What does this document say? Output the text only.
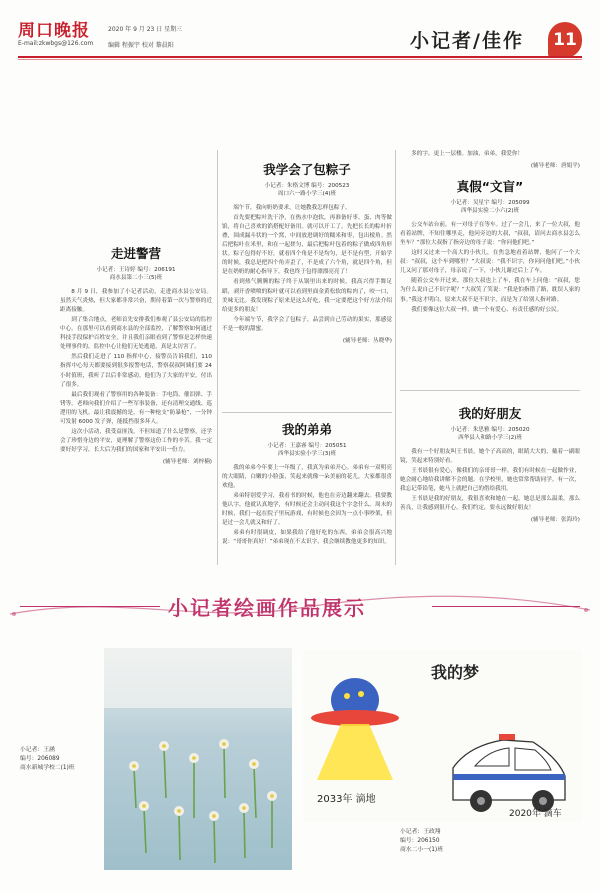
周口晚报
E-mail:zkwbgs@126.com
2020 年 9 月 23 日 星期三
编辑 程振宇 校对 黎晨阳	小记者/佳作	11
走进警营
小记者：王诗婷 编号：206191
商水县第二小三(5)班

8 月 9 日，我参加了小记者活动，走进商水县公安局。虽然天气炎热，但大家都非常兴奋，期待着第一次与警察的近距离接触。

到了集合地点，老师首先安排我们参观了县公安局的监控中心。在那里可以看到商水县的全部监控，了解警察如何通过科技手段保护百姓安全，并且我们亲眼看到了警察是怎样快速处理事件的，监控中心让他们无处逃遁，真是太厉害了。

然后我们走进了 110 指挥中心，接警员告诉我们，110 指挥中心每天都要接到很多报警电话，警察叔叔阿姨们要 24 小时值班，我听了以后非常感动。他们为了大家的平安，付出了很多。

最后我们观看了警察用的各种装备：手电筒、催泪弹、手铐等。老师向我们介绍了一些军事装备，还有清理交通线、巡逻用的飞机。最让我震撼的是，有一种枪支“防暴枪”，一分钟可发射 6000 发子弹，能抵挡很多坏人。

这次小活动，我受益匪浅，不但知道了什么是警察，还学会了珍惜身边的平安，更理解了警察这份工作的辛苦。我一定要好好学习，长大后为我们的国家和平安出一份力。

(辅导老师：刘梓楠)
我学会了包粽子
小记者：朱格文博 编号：200523
周口六一路小学三(4)班

端午节，我向奶奶要求，让她教我怎样包粽子。

首先要把粽叶洗干净，在热水中泡软，再准备好枣、蛋、肉等做馅，将自己喜欢的馅搭配好备用。就可以开工了。先把长长的粽叶折叠，围成漏斗状的一个窝，中间放进调好的糯米和枣，包出棱角。然后把粽叶在米里，和在一起搓匀，最后把粽叶包着的粽子做成四角形状。粽子包得好不好，就看四个角是不是均匀，是不是有型，开始学的时候，我总是把四个角弄歪了，不是成了六个角，就是四个角，但是在奶奶的耐心指导下，我也终于包得漂漂亮亮了！

看到热气腾腾的粽子终于从锅里出来的时候，我高兴得手舞足蹈，剥开香喷喷的粽叶就可以看到里面金黄松软的粽肉了，咬一口，美味无比。我发现粽子原来是这么好吃，我一定要把这个好方法介绍给更多的朋友！

今年端午节，我学会了包粽子，品尝到自己劳动的果实，那感觉不是一般的甜蜜。

(辅导老师：丛晓华)
我的弟弟
小记者：王嘉睿 编号：205051
西华县实验小学三(3)班

我的弟弟今年要上一年级了，我真为弟弟开心。弟弟有一双明亮的大眼睛，白嫩的小脸蛋，笑起来就像一朵美丽的花儿，大家都很喜欢他。

弟弟特别爱学习，我看书的时候，他也在旁边翻来翻去。我要教他认字，他就认真地学，有时候还会主动问我这个字念什么。周末的时候，我们一起在院子里玩游戏，有时候也会因为一点小事吵架，但是过一会儿就又和好了。

弟弟有时很调皮，如果我给了他好吃的东西，弟弟会很高兴地说：“哥哥你真好！”弟弟现在不太识字，我会继续教他更多的知识。

多的字，更上一层楼。加油，弟弟，我爱你！

(辅导老师：唐娟平)
真假“文盲”
小记者：吴星宇 编号：205099
西华县实验二小六(2)班

公交车站台前，有一对母子在等车。过了一会儿，来了一位大叔，他看着站牌，不知往哪里走，他问旁边的大叔，“叔叔，请问去商水县怎么坐车？”那位大叔指了指旁边的母子说：“你问他们吧。”

这时又过来一个高大的小伙儿，在焦急地看着站牌，他问了一个大叔：“叔叔，这个车到哪里？”大叔说：“我不识字，你问问他们吧。”小伙儿又问了那对母子，母亲说了一下，小伙儿谢过后上了车。

随着公交车开过来，那位大叔也上了车，我在车上问他：“叔叔，您为什么说自己不识字呢？”大叔笑了笑说：“我是怕指错了路，耽误人家的事。”我这才明白，原来大叔不是不识字，而是为了给别人指对路。

我们要像这位大叔一样，做一个有爱心、有责任感的好公民。

我的好朋友
小记者：朱思雅 编号：205020
西华县人和路小学三(2)班

我有一个好朋友叫王书晨，她个子高高的，眼睛大大的，戴着一副眼镜，笑起来特别好看。

王书晨很有爱心，像我们的亲哥哥一样。我们有时候在一起做作业，她会耐心地给我讲解不会的题。在学校里，她也常常帮助同学。有一次，我忘记带铅笔，她马上就把自己的借给我用。

王书晨是我的好朋友，我很喜欢和她在一起，她总是那么温柔，那么善良，让我感到很开心。我们约定，要永远做好朋友！

(辅导老师：张海玲)
小记者绘画作品展示
我的梦
2033年 滴地
2020年 滴车
小记者：王涵
编号：206089
商水新城学校二(1)班
小记者：王政翔
编号：206150
商水二小一(1)班
